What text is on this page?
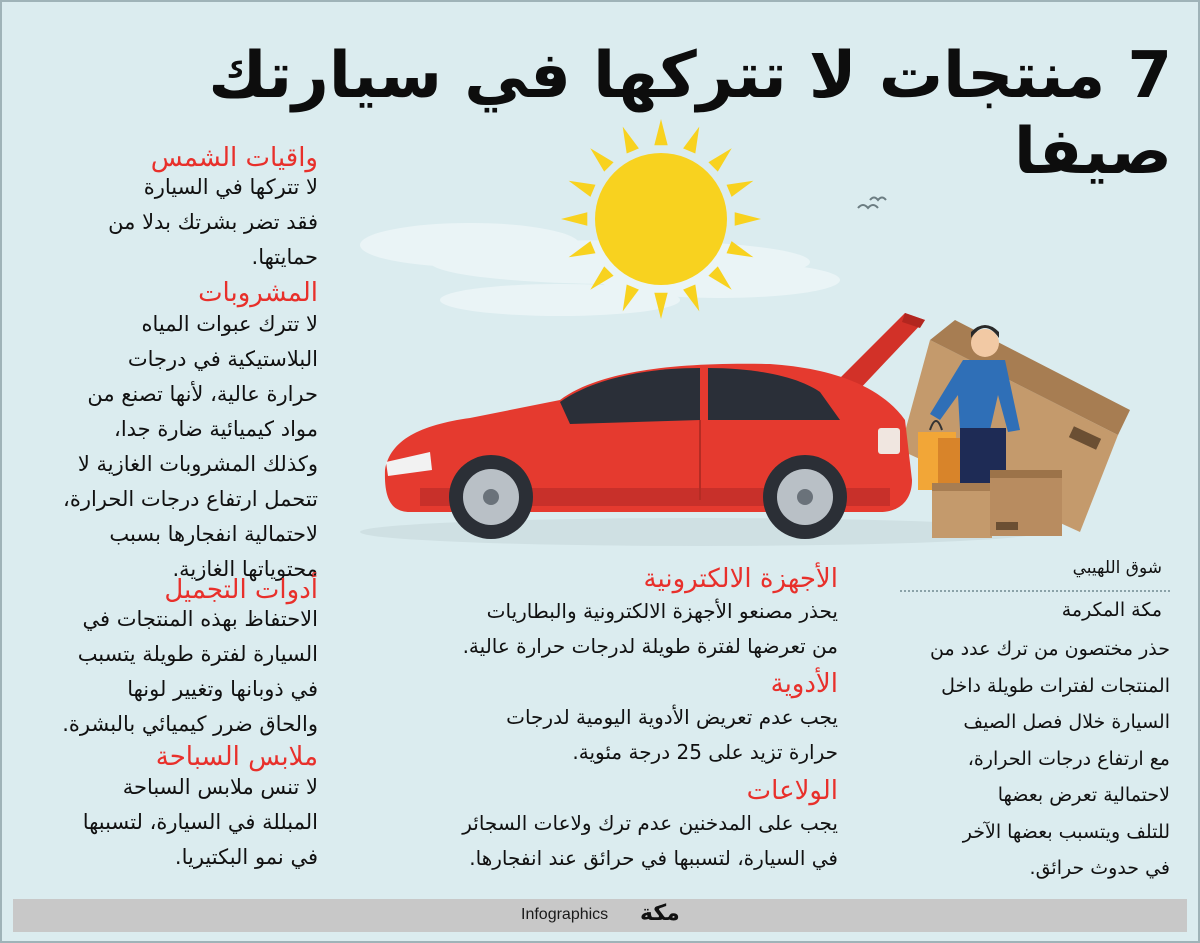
7 منتجات لا تتركها في سيارتك صيفا
واقيات الشمس
لا تتركها في السيارة
فقد تضر بشرتك بدلا من
حمايتها.
المشروبات
لا تترك عبوات المياه
البلاستيكية في درجات
حرارة عالية، لأنها تصنع من
مواد كيميائية ضارة جدا،
وكذلك المشروبات الغازية لا
تتحمل ارتفاع درجات الحرارة،
لاحتمالية انفجارها بسبب
محتوياتها الغازية.
أدوات التجميل
الاحتفاظ بهذه المنتجات في
السيارة لفترة طويلة يتسبب
في ذوبانها وتغيير لونها
والحاق ضرر كيميائي بالبشرة.
ملابس السباحة
لا تنس ملابس السباحة
المبللة في السيارة، لتسببها
في نمو البكتيريا.
الأجهزة الالكترونية
يحذر مصنعو الأجهزة الالكترونية والبطاريات
من تعرضها لفترة طويلة لدرجات حرارة عالية.
الأدوية
يجب عدم تعريض الأدوية اليومية لدرجات
حرارة تزيد على 25 درجة مئوية.
الولاعات
يجب على المدخنين عدم ترك ولاعات السجائر
في السيارة، لتسببها في حرائق عند انفجارها.
شوق اللهيبي
مكة المكرمة
حذر مختصون من ترك عدد من
المنتجات لفترات طويلة داخل
السيارة خلال فصل الصيف
مع ارتفاع درجات الحرارة،
لاحتمالية تعرض بعضها
للتلف ويتسبب بعضها الآخر
في حدوث حرائق.
Infographics مكة
